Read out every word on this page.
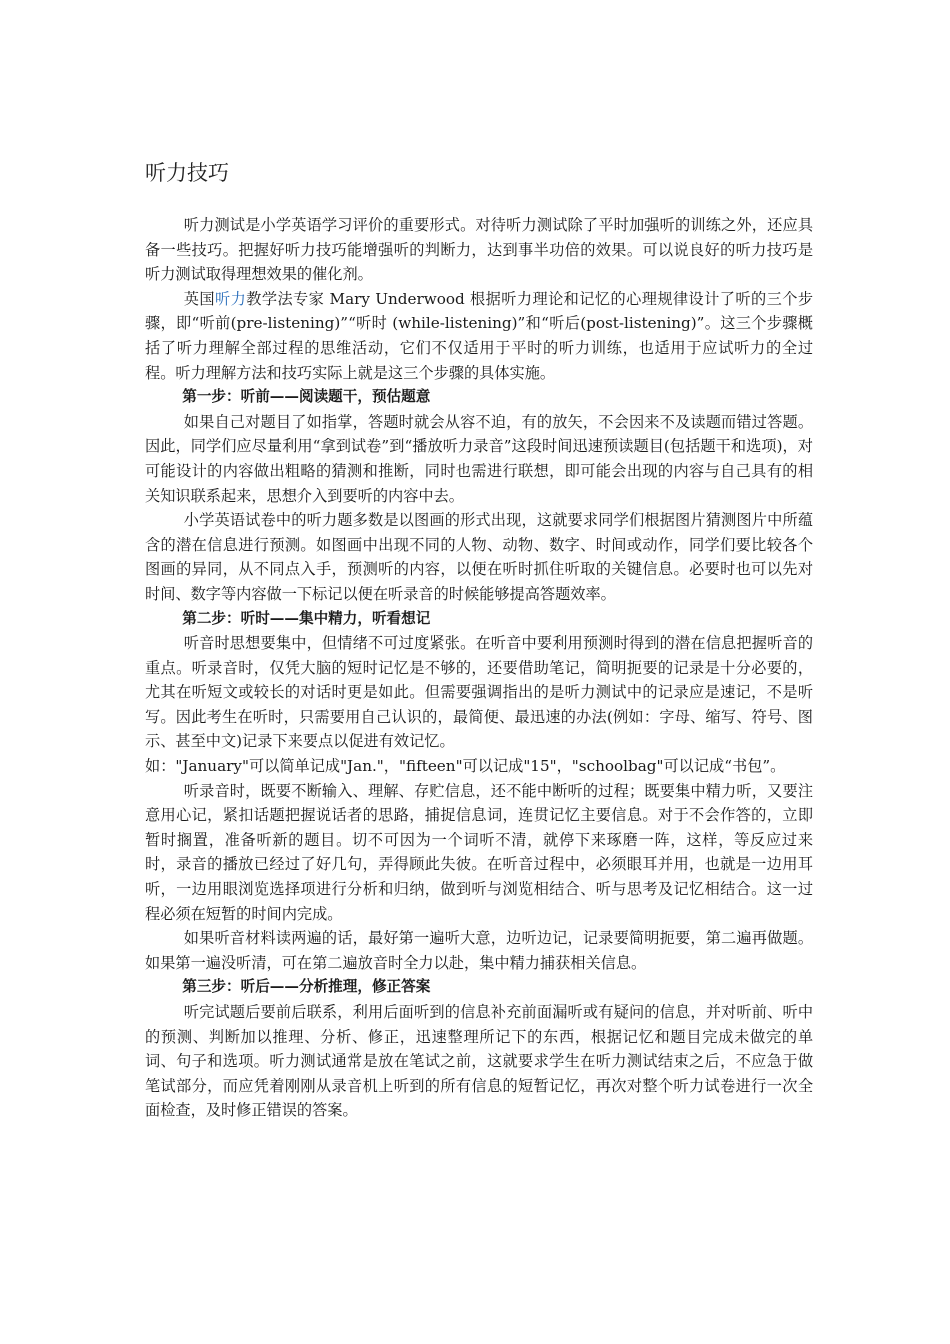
听力技巧

听力测试是小学英语学习评价的重要形式。对待听力测试除了平时加强听的训练之外，还应具备一些技巧。把握好听力技巧能增强听的判断力，达到事半功倍的效果。可以说良好的听力技巧是听力测试取得理想效果的催化剂。

英国听力教学法专家 Mary Underwood 根据听力理论和记忆的心理规律设计了听的三个步骤，即“听前(pre-listening)”“听时 (while-listening)”和“听后(post-listening)”。这三个步骤概括了听力理解全部过程的思维活动，它们不仅适用于平时的听力训练，也适用于应试听力的全过程。听力理解方法和技巧实际上就是这三个步骤的具体实施。

第一步：听前——阅读题干，预估题意

如果自己对题目了如指掌，答题时就会从容不迫，有的放矢，不会因来不及读题而错过答题。因此，同学们应尽量利用“拿到试卷”到“播放听力录音”这段时间迅速预读题目(包括题干和选项)，对可能设计的内容做出粗略的猜测和推断，同时也需进行联想，即可能会出现的内容与自己具有的相关知识联系起来，思想介入到要听的内容中去。

小学英语试卷中的听力题多数是以图画的形式出现，这就要求同学们根据图片猜测图片中所蕴含的潜在信息进行预测。如图画中出现不同的人物、动物、数字、时间或动作，同学们要比较各个图画的异同，从不同点入手，预测听的内容，以便在听时抓住听取的关键信息。必要时也可以先对时间、数字等内容做一下标记以便在听录音的时候能够提高答题效率。

第二步：听时——集中精力，听看想记

听音时思想要集中，但情绪不可过度紧张。在听音中要利用预测时得到的潜在信息把握听音的重点。听录音时，仅凭大脑的短时记忆是不够的，还要借助笔记，简明扼要的记录是十分必要的，尤其在听短文或较长的对话时更是如此。但需要强调指出的是听力测试中的记录应是速记，不是听写。因此考生在听时，只需要用自己认识的，最简便、最迅速的办法(例如：字母、缩写、符号、图示、甚至中文)记录下来要点以促进有效记忆。

如："January"可以简单记成"Jan."，"fifteen"可以记成"15"，"schoolbag"可以记成“书包”。

听录音时，既要不断输入、理解、存贮信息，还不能中断听的过程；既要集中精力听，又要注意用心记，紧扣话题把握说话者的思路，捕捉信息词，连贯记忆主要信息。对于不会作答的，立即暂时搁置，准备听新的题目。切不可因为一个词听不清，就停下来琢磨一阵，这样，等反应过来时，录音的播放已经过了好几句，弄得顾此失彼。在听音过程中，必须眼耳并用，也就是一边用耳听，一边用眼浏览选择项进行分析和归纳，做到听与浏览相结合、听与思考及记忆相结合。这一过程必须在短暂的时间内完成。

如果听音材料读两遍的话，最好第一遍听大意，边听边记，记录要简明扼要，第二遍再做题。如果第一遍没听清，可在第二遍放音时全力以赴，集中精力捕获相关信息。

第三步：听后——分析推理，修正答案

听完试题后要前后联系，利用后面听到的信息补充前面漏听或有疑问的信息，并对听前、听中的预测、判断加以推理、分析、修正，迅速整理所记下的东西，根据记忆和题目完成未做完的单词、句子和选项。听力测试通常是放在笔试之前，这就要求学生在听力测试结束之后，不应急于做笔试部分，而应凭着刚刚从录音机上听到的所有信息的短暂记忆，再次对整个听力试卷进行一次全面检查，及时修正错误的答案。
